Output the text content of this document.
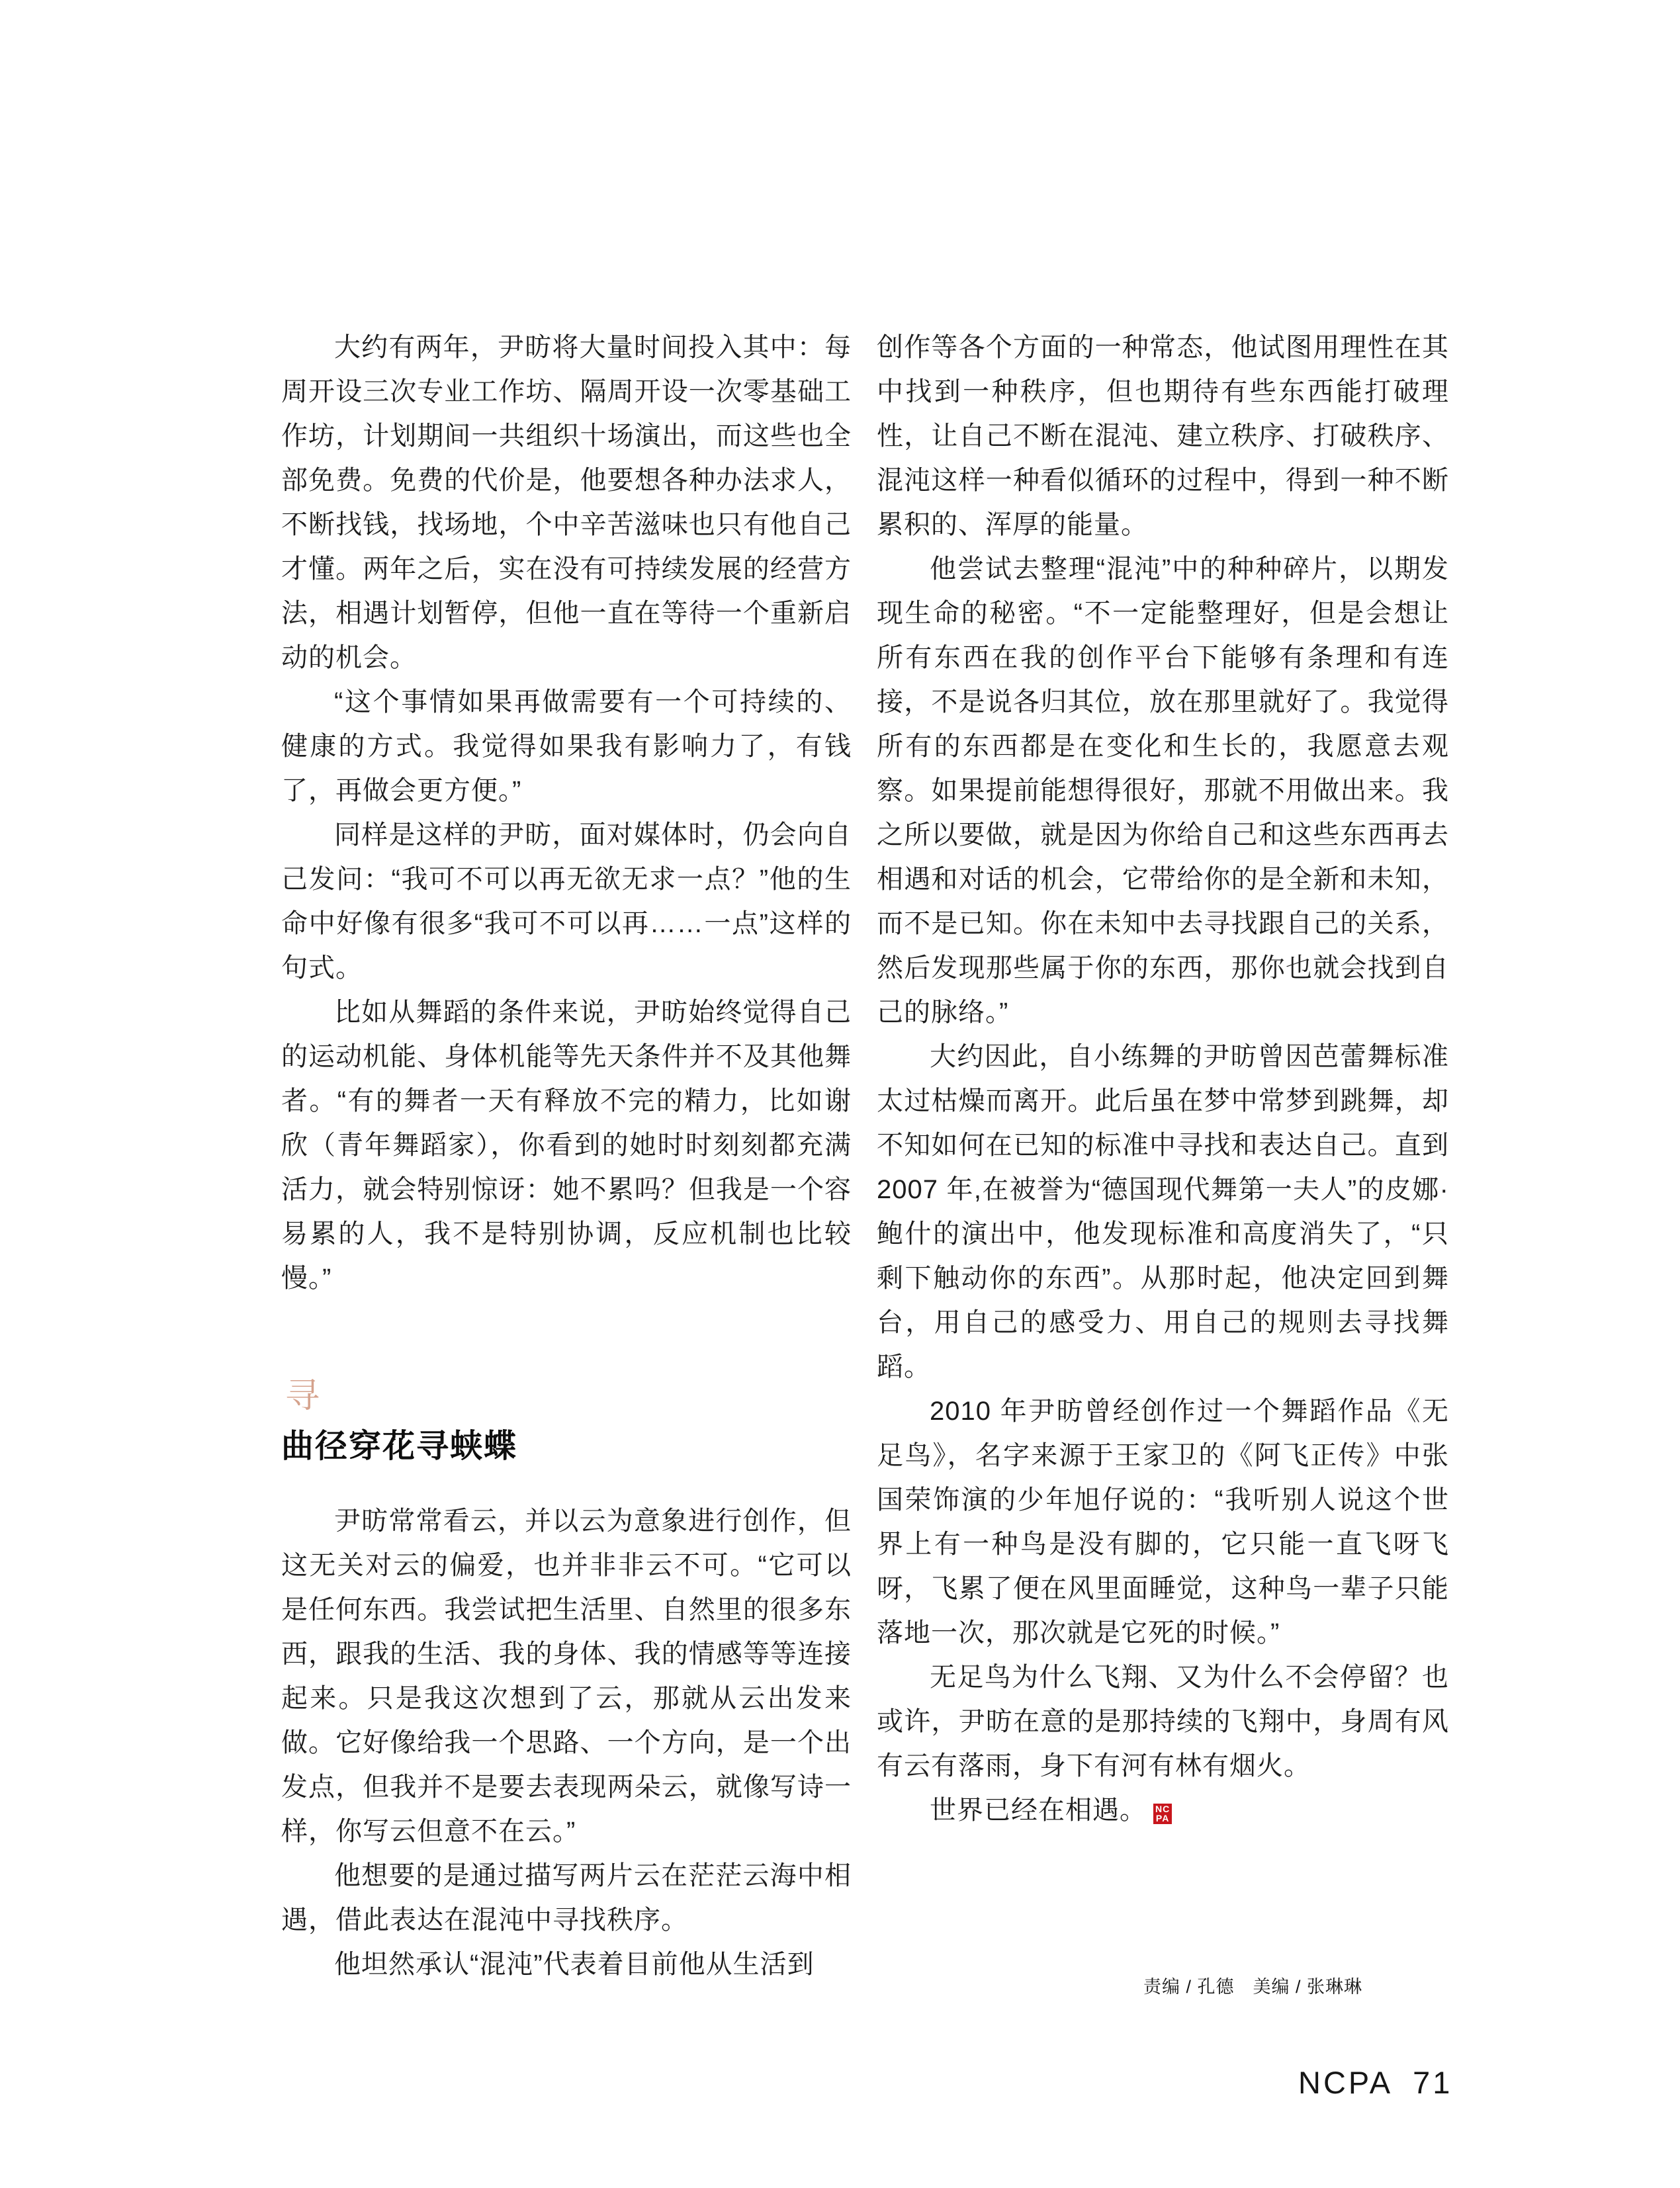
大约有两年，尹昉将大量时间投入其中：每周开设三次专业工作坊、隔周开设一次零基础工作坊，计划期间一共组织十场演出，而这些也全部免费。免费的代价是，他要想各种办法求人，不断找钱，找场地，个中辛苦滋味也只有他自己才懂。两年之后，实在没有可持续发展的经营方法，相遇计划暂停，但他一直在等待一个重新启动的机会。

“这个事情如果再做需要有一个可持续的、健康的方式。我觉得如果我有影响力了，有钱了，再做会更方便。”

同样是这样的尹昉，面对媒体时，仍会向自己发问：“我可不可以再无欲无求一点？”他的生命中好像有很多“我可不可以再……一点”这样的句式。

比如从舞蹈的条件来说，尹昉始终觉得自己的运动机能、身体机能等先天条件并不及其他舞者。“有的舞者一天有释放不完的精力，比如谢欣（青年舞蹈家），你看到的她时时刻刻都充满活力，就会特别惊讶：她不累吗？但我是一个容易累的人，我不是特别协调，反应机制也比较慢。”

寻
曲径穿花寻蛱蝶

尹昉常常看云，并以云为意象进行创作，但这无关对云的偏爱，也并非非云不可。“它可以是任何东西。我尝试把生活里、自然里的很多东西，跟我的生活、我的身体、我的情感等等连接起来。只是我这次想到了云，那就从云出发来做。它好像给我一个思路、一个方向，是一个出发点，但我并不是要去表现两朵云，就像写诗一样，你写云但意不在云。”

他想要的是通过描写两片云在茫茫云海中相遇，借此表达在混沌中寻找秩序。

他坦然承认“混沌”代表着目前他从生活到

创作等各个方面的一种常态，他试图用理性在其中找到一种秩序，但也期待有些东西能打破理性，让自己不断在混沌、建立秩序、打破秩序、混沌这样一种看似循环的过程中，得到一种不断累积的、浑厚的能量。

他尝试去整理“混沌”中的种种碎片，以期发现生命的秘密。“不一定能整理好，但是会想让所有东西在我的创作平台下能够有条理和有连接，不是说各归其位，放在那里就好了。我觉得所有的东西都是在变化和生长的，我愿意去观察。如果提前能想得很好，那就不用做出来。我之所以要做，就是因为你给自己和这些东西再去相遇和对话的机会，它带给你的是全新和未知，而不是已知。你在未知中去寻找跟自己的关系，然后发现那些属于你的东西，那你也就会找到自己的脉络。”

大约因此，自小练舞的尹昉曾因芭蕾舞标准太过枯燥而离开。此后虽在梦中常梦到跳舞，却不知如何在已知的标准中寻找和表达自己。直到 2007 年,在被誉为“德国现代舞第一夫人”的皮娜·鲍什的演出中，他发现标准和高度消失了，“只剩下触动你的东西”。从那时起，他决定回到舞台，用自己的感受力、用自己的规则去寻找舞蹈。

2010 年尹昉曾经创作过一个舞蹈作品《无足鸟》，名字来源于王家卫的《阿飞正传》中张国荣饰演的少年旭仔说的：“我听别人说这个世界上有一种鸟是没有脚的，它只能一直飞呀飞呀，飞累了便在风里面睡觉，这种鸟一辈子只能落地一次，那次就是它死的时候。”

无足鸟为什么飞翔、又为什么不会停留？也或许，尹昉在意的是那持续的飞翔中，身周有风有云有落雨，身下有河有林有烟火。

世界已经在相遇。 NC
PA

责编 / 孔德　美编 / 张琳琳
NCPA 71
